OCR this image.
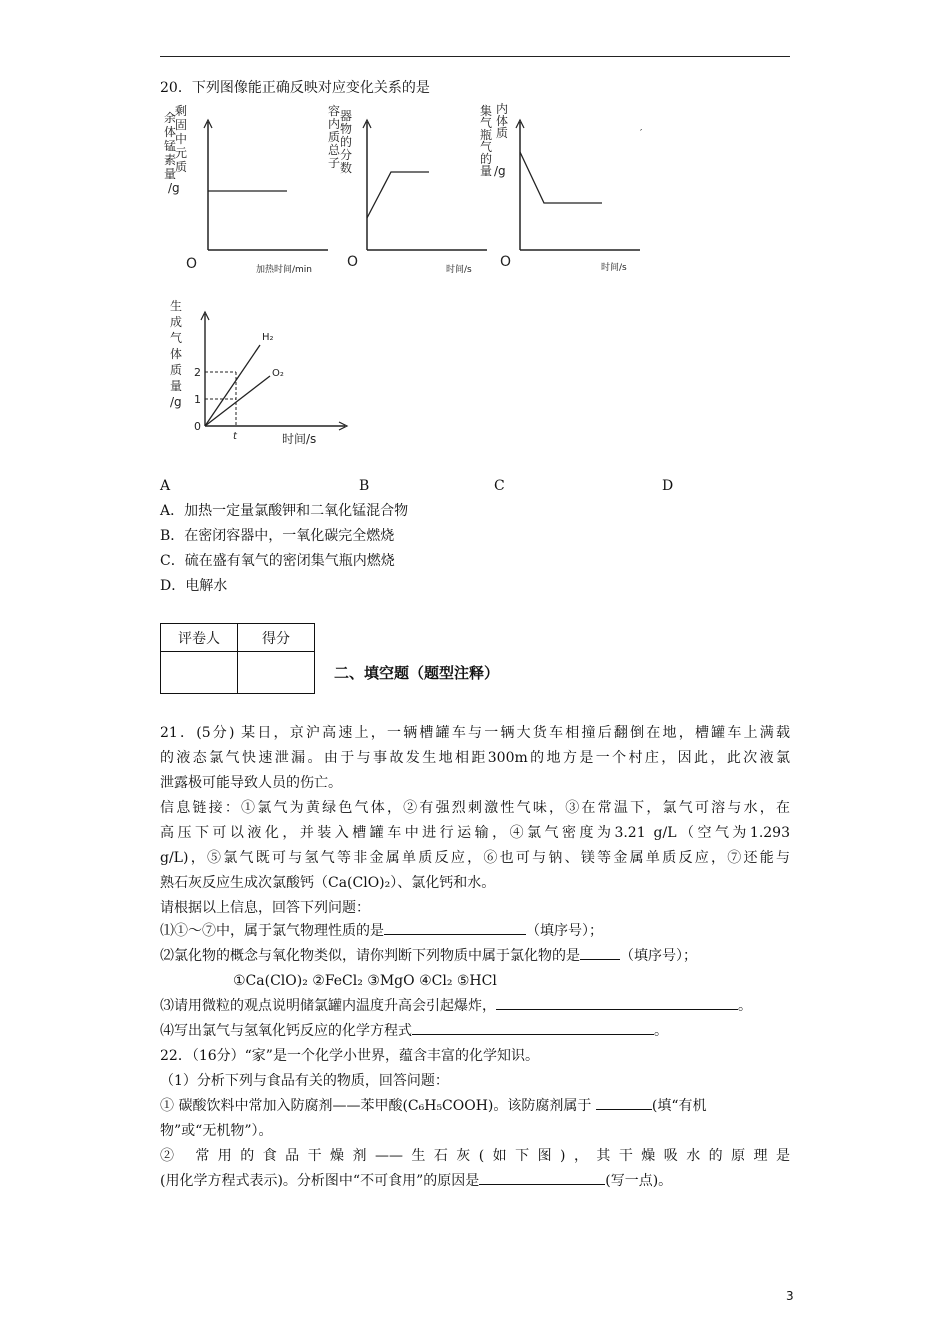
20．下列图像能正确反映对应变化关系的是
剩余 固体 中锰 元素 质量 /g
O	加热时间/min
容器 内物 质的 总分 子数
O	时间/s
集气 瓶内 气体 的质 量 /g
O	时间/s
′
生 成 气 体 质 量 /g	1
2
0
t
H₂
O₂
时间/s
A	B	C	D
A．加热一定量氯酸钾和二氧化锰混合物
B．在密闭容器中，一氧化碳完全燃烧
C．硫在盛有氧气的密闭集气瓶内燃烧
D．电解水
评卷人	得分

二、填空题（题型注释）
21．(5分) 某日，京沪高速上，一辆槽罐车与一辆大货车相撞后翻倒在地，槽罐车上满载
的液态氯气快速泄漏。由于与事故发生地相距300m的地方是一个村庄，因此，此次液氯
泄露极可能导致人员的伤亡。
信息链接：①氯气为黄绿色气体，②有强烈刺激性气味，③在常温下，氯气可溶与水，在
高压下可以液化，并装入槽罐车中进行运输，④氯气密度为3.21 g/L（空气为1.293
g/L)，⑤氯气既可与氢气等非金属单质反应，⑥也可与钠、镁等金属单质反应，⑦还能与
熟石灰反应生成次氯酸钙（Ca(ClO)₂）、氯化钙和水。
请根据以上信息，回答下列问题：
⑴①～⑦中，属于氯气物理性质的是	（填序号）；
⑵氯化物的概念与氧化物类似，请你判断下列物质中属于氯化物的是	（填序号）；
①Ca(ClO)₂ ②FeCl₂ ③MgO ④Cl₂ ⑤HCl
⑶请用微粒的观点说明储氯罐内温度升高会引起爆炸，	。
⑷写出氯气与氢氧化钙反应的化学方程式	。
22．（16分）“家”是一个化学小世界，蕴含丰富的化学知识。
（1）分析下列与食品有关的物质，回答问题：
① 碳酸饮料中常加入防腐剂——苯甲酸(C₆H₅COOH)。该防腐剂属于	(填“有机
物”或“无机物”）。
② 常用的食品干燥剂——生石灰(如下图)，其干燥吸水的原理是
(用化学方程式表示)。分析图中“不可食用”的原因是	(写一点)。
3
